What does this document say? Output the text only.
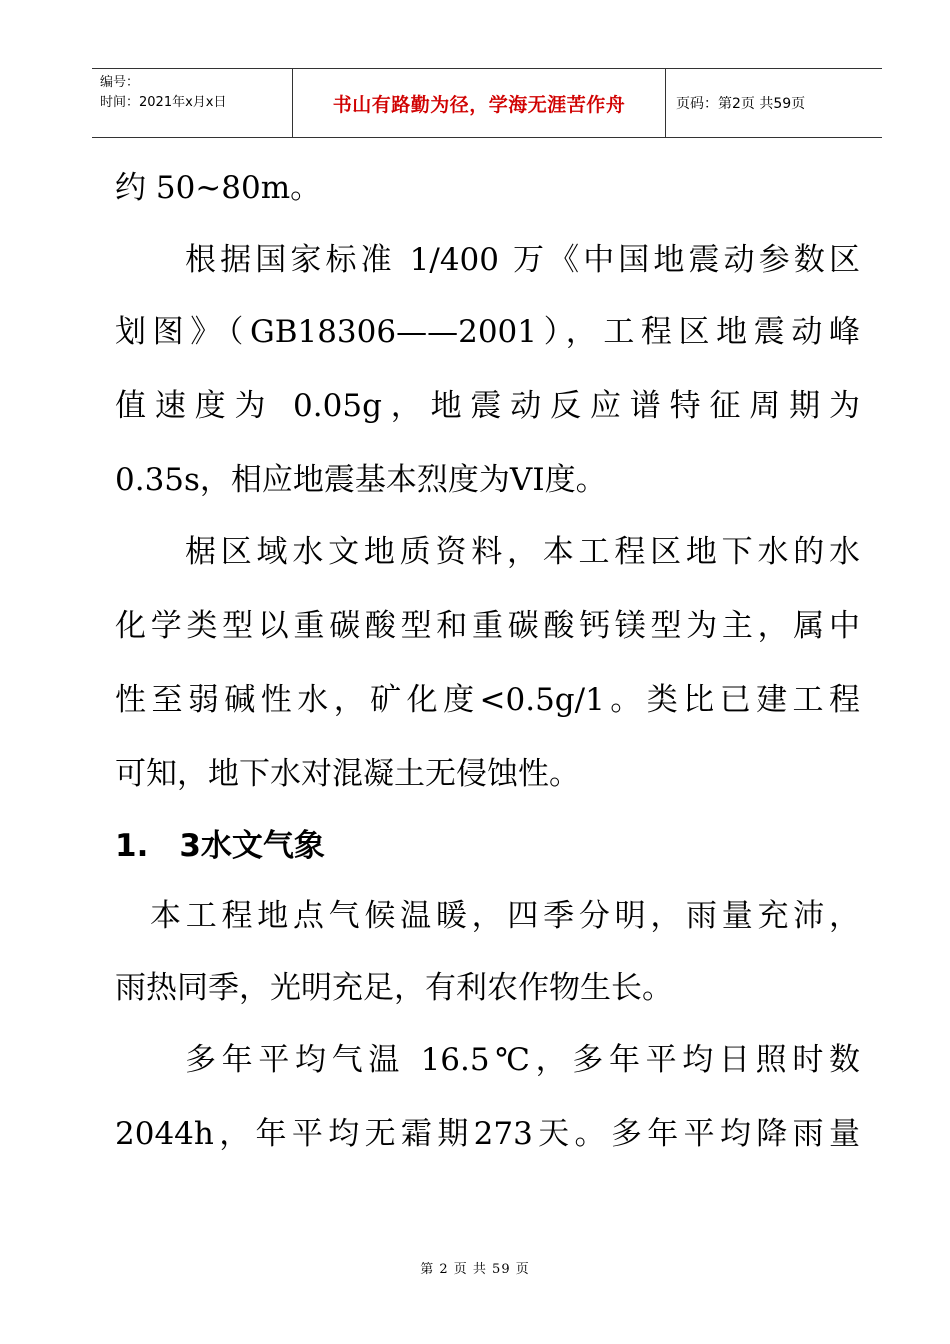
编号：
时间：2021年x月x日	书山有路勤为径，学海无涯苦作舟	页码：第2页 共59页
约 50~80m。
根据国家标准 1/400 万《中国地震动参数区
划图》（GB18306——2001），工程区地震动峰
值速度为 0.05g，地震动反应谱特征周期为
0.35s，相应地震基本烈度为VI度。
椐区域水文地质资料，本工程区地下水的水
化学类型以重碳酸型和重碳酸钙镁型为主，属中
性至弱碱性水，矿化度<0.5g/1。类比已建工程
可知，地下水对混凝土无侵蚀性。
1.　3水文气象
本工程地点气候温暖，四季分明，雨量充沛，
雨热同季，光明充足，有利农作物生长。
多年平均气温 16.5℃，多年平均日照时数
2044h，年平均无霜期273天。多年平均降雨量
第 2 页 共 59 页
